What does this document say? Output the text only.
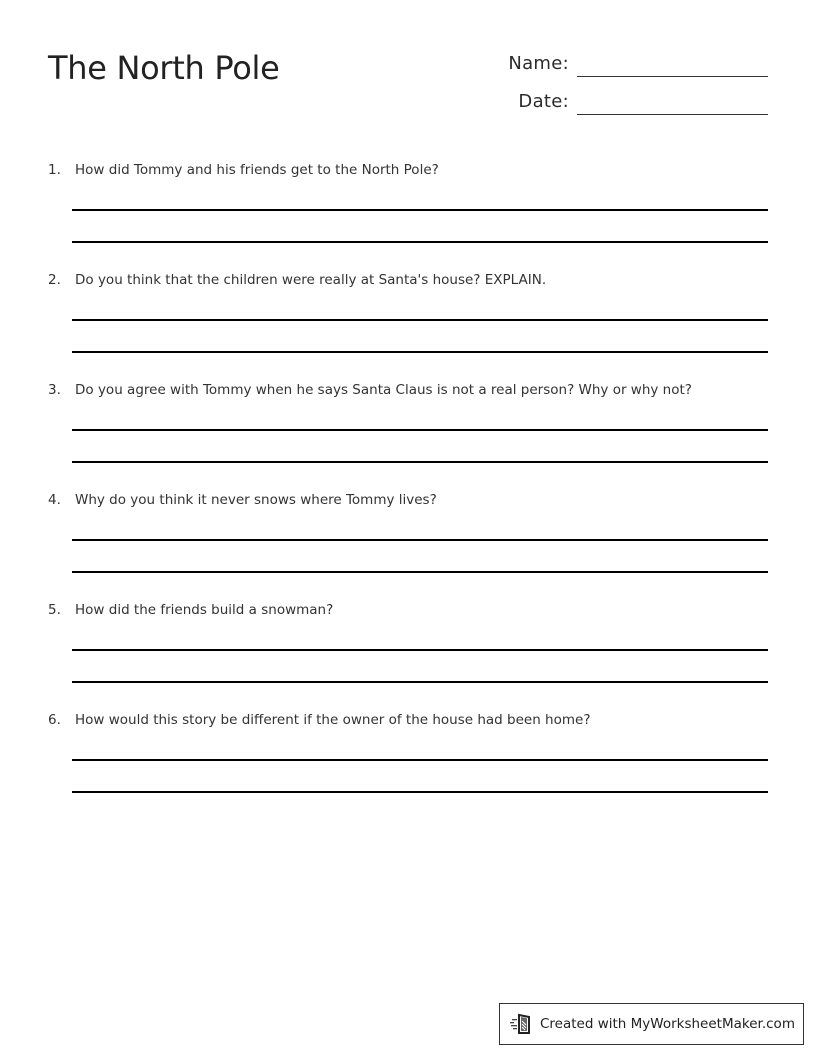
The North Pole	Name:
Date:
1.	How did Tommy and his friends get to the North Pole?
2.	Do you think that the children were really at Santa's house? EXPLAIN.
3.	Do you agree with Tommy when he says Santa Claus is not a real person? Why or why not?
4.	Why do you think it never snows where Tommy lives?
5.	How did the friends build a snowman?
6.	How would this story be different if the owner of the house had been home?
Created with MyWorksheetMaker.com
